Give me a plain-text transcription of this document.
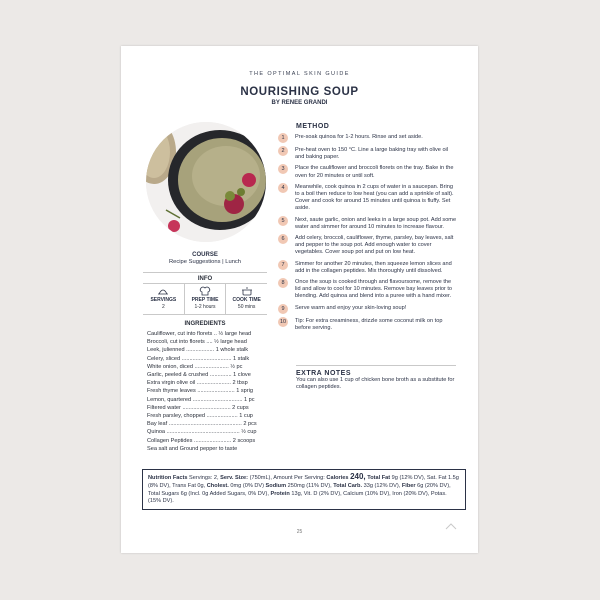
THE OPTIMAL SKIN GUIDE
NOURISHING SOUP
BY RENEE GRANDI
COURSE
Recipe Suggestions | Lunch
INFO
SERVINGS
2
PREP TIME
1-2 hours
COOK TIME
50 mins
INGREDIENTS
Cauliflower, cut into florets .. ½ large head
Broccoli, cut into florets .... ½ large head
Leek, julienned .................. 1 whole stalk
Celery, sliced ................................ 1 stalk
White onion, diced ...................... ½ pc
Garlic, peeled & crushed .............. 1 clove
Extra virgin olive oil ...................... 2 tbsp
Fresh thyme leaves ........................ 1 sprig
Lemon, quartered ................................ 1 pc
Filtered water ............................... 2 cups
Fresh parsley, chopped .................... 1 cup
Bay leaf ............................................... 2 pcs
Quinoa ............................................... ½ cup
Collagen Peptides ........................ 2 scoops
Sea salt and Ground pepper to taste
METHOD
1	Pre-soak quinoa for 1-2 hours. Rinse and set aside.
2	Pre-heat oven to 150 °C. Line a large baking tray with olive oil and baking paper.
3	Place the cauliflower and broccoli florets on the tray. Bake in the oven for 20 minutes or until soft.
4	Meanwhile, cook quinoa in 2 cups of water in a saucepan. Bring to a boil then reduce to low heat (you can add a sprinkle of salt). Cover and cook for around 15 minutes until quinoa is fluffy. Set aside.
5	Next, saute garlic, onion and leeks in a large soup pot. Add some water and simmer for around 10 minutes to increase flavour.
6	Add celery, broccoli, cauliflower, thyme, parsley, bay leaves, salt and pepper to the soup pot. Add enough water to cover vegetables. Cover soup pot and put on low heat.
7	Simmer for another 20 minutes, then squeeze lemon slices and add in the collagen peptides. Mix thoroughly until dissolved.
8	Once the soup is cooked through and flavoursome, remove the lid and allow to cool for 10 minutes. Remove bay leaves prior to blending. Add quinoa and blend into a puree with a hand mixer.
9	Serve warm and enjoy your skin-loving soup!
10	Tip: For extra creaminess, drizzle some coconut milk on top before serving.
EXTRA NOTES
You can also use 1 cup of chicken bone broth as a substitute for collagen peptides.
Nutrition Facts Servings: 2, Serv. Size: (750mL), Amount Per Serving: Calories 240, Total Fat 9g (12% DV), Sat. Fat 1.5g (8% DV), Trans Fat 0g, Cholest. 0mg (0% DV) Sodium 250mg (11% DV), Total Carb. 33g (12% DV), Fiber 6g (20% DV), Total Sugars 6g (Incl. 0g Added Sugars, 0% DV), Protein 13g, Vit. D (2% DV), Calcium (10% DV), Iron (20% DV), Potas. (15% DV).
25
